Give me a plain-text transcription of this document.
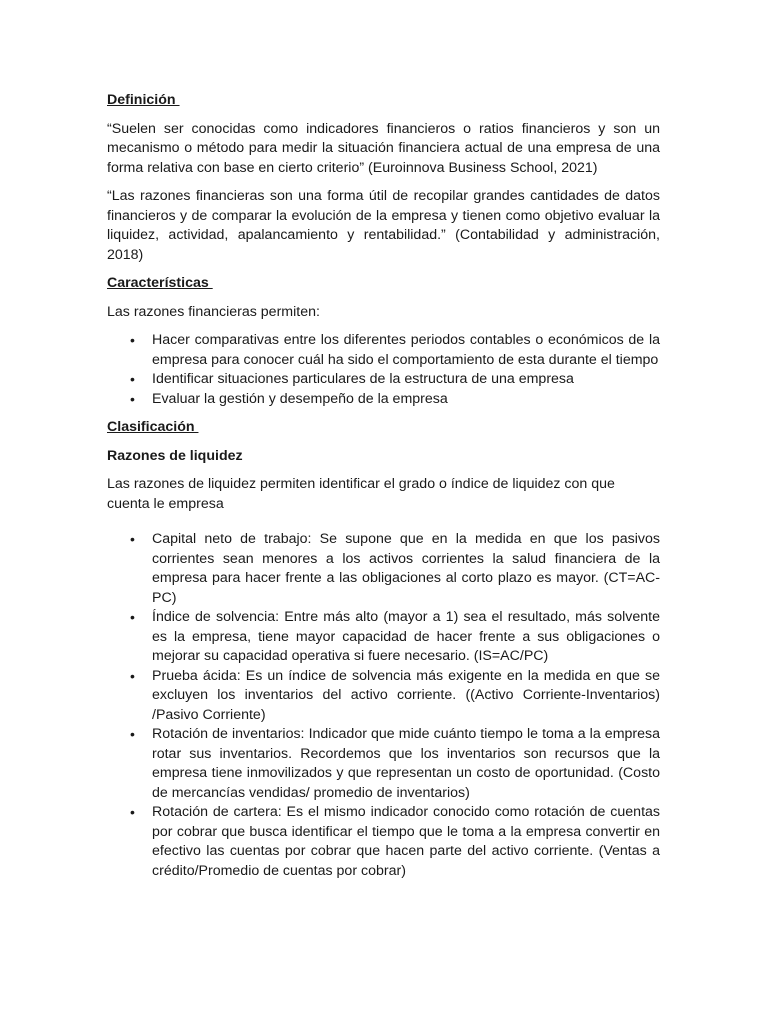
Definición

“Suelen ser conocidas como indicadores financieros o ratios financieros y son un mecanismo o método para medir la situación financiera actual de una empresa de una forma relativa con base en cierto criterio” (Euroinnova Business School, 2021)

“Las razones financieras son una forma útil de recopilar grandes cantidades de datos financieros y de comparar la evolución de la empresa y tienen como objetivo evaluar la liquidez, actividad, apalancamiento y rentabilidad.” (Contabilidad y administración, 2018)

Características

Las razones financieras permiten:

• Hacer comparativas entre los diferentes periodos contables o económicos de la empresa para conocer cuál ha sido el comportamiento de esta durante el tiempo
• Identificar situaciones particulares de la estructura de una empresa
• Evaluar la gestión y desempeño de la empresa
Clasificación
Razones de liquidez

Las razones de liquidez permiten identificar el grado o índice de liquidez con que cuenta le empresa

• Capital neto de trabajo: Se supone que en la medida en que los pasivos corrientes sean menores a los activos corrientes la salud financiera de la empresa para hacer frente a las obligaciones al corto plazo es mayor. (CT=AC-PC)
• Índice de solvencia: Entre más alto (mayor a 1) sea el resultado, más solvente es la empresa, tiene mayor capacidad de hacer frente a sus obligaciones o mejorar su capacidad operativa si fuere necesario. (IS=AC/PC)
• Prueba ácida: Es un índice de solvencia más exigente en la medida en que se excluyen los inventarios del activo corriente. ((Activo Corriente-Inventarios) /Pasivo Corriente)
• Rotación de inventarios: Indicador que mide cuánto tiempo le toma a la empresa rotar sus inventarios. Recordemos que los inventarios son recursos que la empresa tiene inmovilizados y que representan un costo de oportunidad. (Costo de mercancías vendidas/ promedio de inventarios)
• Rotación de cartera: Es el mismo indicador conocido como rotación de cuentas por cobrar que busca identificar el tiempo que le toma a la empresa convertir en efectivo las cuentas por cobrar que hacen parte del activo corriente. (Ventas a crédito/Promedio de cuentas por cobrar)
